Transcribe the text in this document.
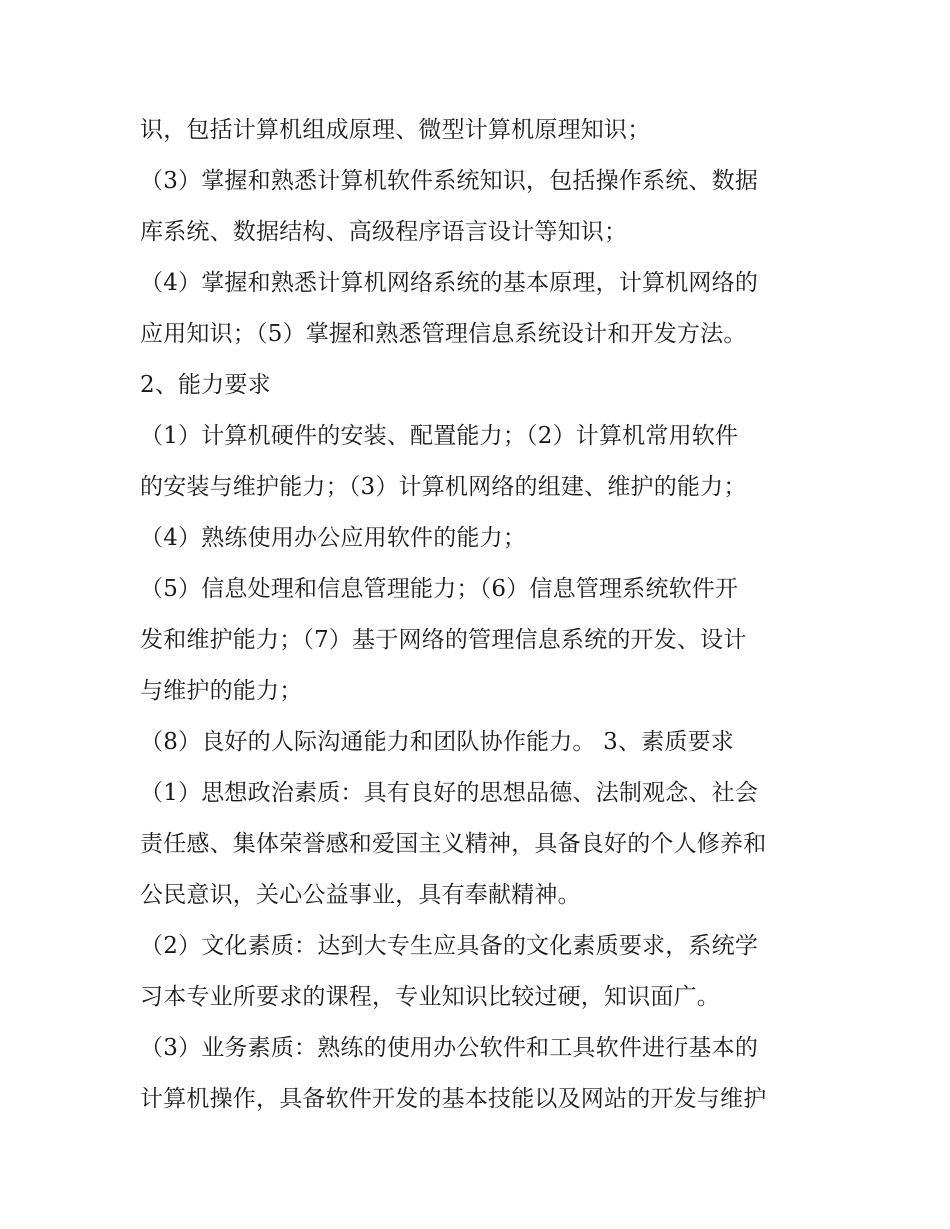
识，包括计算机组成原理、微型计算机原理知识；
（3）掌握和熟悉计算机软件系统知识，包括操作系统、数据
库系统、数据结构、高级程序语言设计等知识；
（4）掌握和熟悉计算机网络系统的基本原理，计算机网络的
应用知识；（5）掌握和熟悉管理信息系统设计和开发方法。
2、能力要求
（1）计算机硬件的安装、配置能力；（2）计算机常用软件
的安装与维护能力；（3）计算机网络的组建、维护的能力；
（4）熟练使用办公应用软件的能力；
（5）信息处理和信息管理能力；（6）信息管理系统软件开
发和维护能力；（7）基于网络的管理信息系统的开发、设计
与维护的能力；
（8）良好的人际沟通能力和团队协作能力。 3、素质要求
（1）思想政治素质：具有良好的思想品德、法制观念、社会
责任感、集体荣誉感和爱国主义精神，具备良好的个人修养和
公民意识，关心公益事业，具有奉献精神。
（2）文化素质：达到大专生应具备的文化素质要求，系统学
习本专业所要求的课程，专业知识比较过硬，知识面广。
（3）业务素质：熟练的使用办公软件和工具软件进行基本的
计算机操作，具备软件开发的基本技能以及网站的开发与维护
